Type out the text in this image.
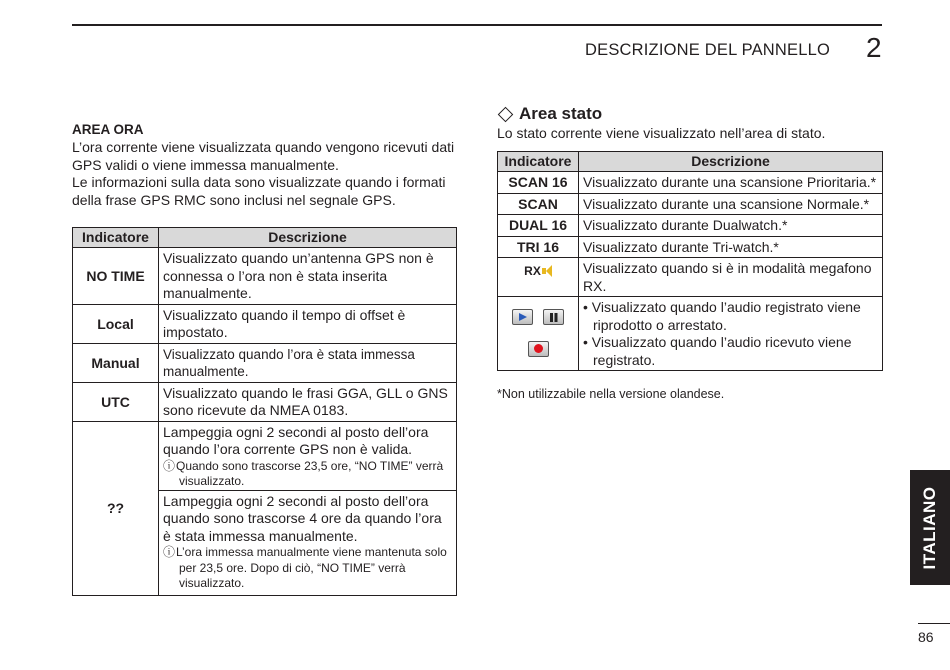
DESCRIZIONE DEL PANNELLO 2
AREA ORA
L’ora corrente viene visualizzata quando vengono ricevuti dati GPS validi o viene immessa manualmente.
Le informazioni sulla data sono visualizzate quando i formati della frase GPS RMC sono inclusi nel segnale GPS.
Indicatore	Descrizione
NO TIME	Visualizzato quando un’antenna GPS non è connessa o l’ora non è stata inserita manualmente.
Local	Visualizzato quando il tempo di offset è impostato.
Manual	Visualizzato quando l’ora è stata immessa manualmente.
UTC	Visualizzato quando le frasi GGA, GLL o GNS sono ricevute da NMEA 0183.
??	Lampeggia ogni 2 secondi al posto dell’ora quando l’ora corrente GPS non è valida.
ⓘQuando sono trascorse 23,5 ore, “NO TIME” verrà visualizzato.
Lampeggia ogni 2 secondi al posto dell’ora quando sono trascorse 4 ore da quando l’ora è stata immessa manualmente.
ⓘL’ora immessa manualmente viene mantenuta solo per 23,5 ore. Dopo di ciò, “NO TIME” verrà visualizzato.
Area stato
Lo stato corrente viene visualizzato nell’area di stato.
Indicatore	Descrizione
SCAN 16	Visualizzato durante una scansione Prioritaria.*
SCAN	Visualizzato durante una scansione Normale.*
DUAL 16	Visualizzato durante Dualwatch.*
TRI 16	Visualizzato durante Tri-watch.*

RX	Visualizzato quando si è in modalità megafono RX.

	• Visualizzato quando l’audio registrato viene riprodotto o arrestato.
• Visualizzato quando l’audio ricevuto viene registrato.
*Non utilizzabile nella versione olandese.
ITALIANO
86
